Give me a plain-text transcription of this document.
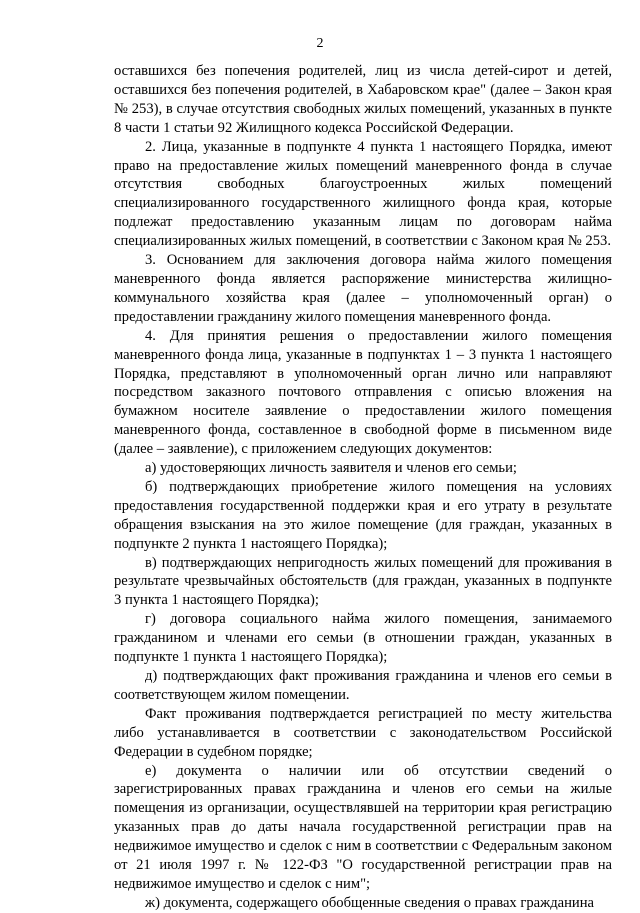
2

оставшихся без попечения родителей, лиц из числа детей-сирот и детей, оставшихся без попечения родителей, в Хабаровском крае" (далее – Закон края № 253), в случае отсутствия свободных жилых помещений, указанных в пункте 8 части 1 статьи 92 Жилищного кодекса Российской Федерации.

2. Лица, указанные в подпункте 4 пункта 1 настоящего Порядка, имеют право на предоставление жилых помещений маневренного фонда в случае отсутствия свободных благоустроенных жилых помещений специализированного государственного жилищного фонда края, которые подлежат предоставлению указанным лицам по договорам найма специализированных жилых помещений, в соответствии с Законом края № 253.

3. Основанием для заключения договора найма жилого помещения маневренного фонда является распоряжение министерства жилищно-коммунального хозяйства края (далее – уполномоченный орган) о предоставлении гражданину жилого помещения маневренного фонда.

4. Для принятия решения о предоставлении жилого помещения маневренного фонда лица, указанные в подпунктах 1 – 3 пункта 1 настоящего Порядка, представляют в уполномоченный орган лично или направляют посредством заказного почтового отправления с описью вложения на бумажном носителе заявление о предоставлении жилого помещения маневренного фонда, составленное в свободной форме в письменном виде (далее – заявление), с приложением следующих документов:

а) удостоверяющих личность заявителя и членов его семьи;

б) подтверждающих приобретение жилого помещения на условиях предоставления государственной поддержки края и его утрату в результате обращения взыскания на это жилое помещение (для граждан, указанных в подпункте 2 пункта 1 настоящего Порядка);

в) подтверждающих непригодность жилых помещений для проживания в результате чрезвычайных обстоятельств (для граждан, указанных в подпункте 3 пункта 1 настоящего Порядка);

г) договора социального найма жилого помещения, занимаемого гражданином и членами его семьи (в отношении граждан, указанных в подпункте 1 пункта 1 настоящего Порядка);

д) подтверждающих факт проживания гражданина и членов его семьи в соответствующем жилом помещении.

Факт проживания подтверждается регистрацией по месту жительства либо устанавливается в соответствии с законодательством Российской Федерации в судебном порядке;

е) документа о наличии или об отсутствии сведений о зарегистрированных правах гражданина и членов его семьи на жилые помещения из организации, осуществлявшей на территории края регистрацию указанных прав до даты начала государственной регистрации прав на недвижимое имущество и сделок с ним в соответствии с Федеральным законом от 21 июля 1997 г. № 122-ФЗ "О государственной регистрации прав на недвижимое имущество и сделок с ним";

ж) документа, содержащего обобщенные сведения о правах гражданина
